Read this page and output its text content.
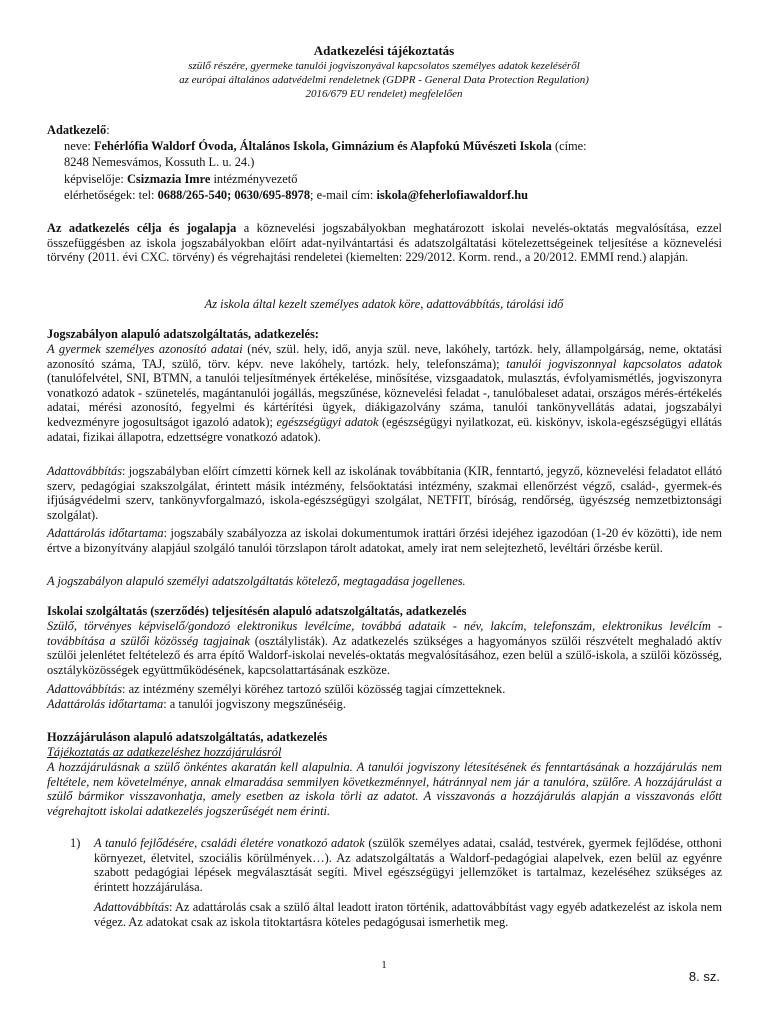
Adatkezelési tájékoztatás
szülő részére, gyermeke tanulói jogviszonyával kapcsolatos személyes adatok kezeléséről
az európai általános adatvédelmi rendeletnek (GDPR - General Data Protection Regulation)
2016/679 EU rendelet) megfelelően
Adatkezelő:
neve: Fehérlófia Waldorf Óvoda, Általános Iskola, Gimnázium és Alapfokú Művészeti Iskola (címe:
8248 Nemesvámos, Kossuth L. u. 24.)
képviselője: Csizmazia Imre intézményvezető
elérhetőségek: tel: 0688/265-540; 0630/695-8978; e-mail cím: iskola@feherlofiawaldorf.hu

Az adatkezelés célja és jogalapja a köznevelési jogszabályokban meghatározott iskolai nevelés-oktatás megvalósítása, ezzel összefüggésben az iskola jogszabályokban előírt adat-nyilvántartási és adatszolgáltatási kötelezettségeinek teljesítése a köznevelési törvény (2011. évi CXC. törvény) és végrehajtási rendeletei (kiemelten: 229/2012. Korm. rend., a 20/2012. EMMI rend.) alapján.

Az iskola által kezelt személyes adatok köre, adattovábbítás, tárolási idő
Jogszabályon alapuló adatszolgáltatás, adatkezelés:

A gyermek személyes azonosító adatai (név, szül. hely, idő, anyja szül. neve, lakóhely, tartózk. hely, állampolgárság, neme, oktatási azonosító száma, TAJ, szülő, törv. képv. neve lakóhely, tartózk. hely, telefonszáma); tanulói jogviszonnyal kapcsolatos adatok (tanulófelvétel, SNI, BTMN, a tanulói teljesítmények értékelése, minősítése, vizsgaadatok, mulasztás, évfolyamismétlés, jogviszonyra vonatkozó adatok - szünetelés, magántanulói jogállás, megszűnése, köznevelési feladat -, tanulóbaleset adatai, országos mérés-értékelés adatai, mérési azonosító, fegyelmi és kártérítési ügyek, diákigazolvány száma, tanulói tankönyvellátás adatai, jogszabályi kedvezményre jogosultságot igazoló adatok); egészségügyi adatok (egészségügyi nyilatkozat, eü. kiskönyv, iskola-egészségügyi ellátás adatai, fizikai állapotra, edzettségre vonatkozó adatok).

Adattovábbítás: jogszabályban előírt címzetti körnek kell az iskolának továbbítania (KIR, fenntartó, jegyző, köznevelési feladatot ellátó szerv, pedagógiai szakszolgálat, érintett másik intézmény, felsőoktatási intézmény, szakmai ellenőrzést végző, család-, gyermek-és ifjúságvédelmi szerv, tankönyvforgalmazó, iskola-egészségügyi szolgálat, NETFIT, bíróság, rendőrség, ügyészség nemzetbiztonsági szolgálat).

Adattárolás időtartama: jogszabály szabályozza az iskolai dokumentumok irattári őrzési idejéhez igazodóan (1-20 év közötti), ide nem értve a bizonyítvány alapjául szolgáló tanulói törzslapon tárolt adatokat, amely irat nem selejtezhető, levéltári őrzésbe kerül.

A jogszabályon alapuló személyi adatszolgáltatás kötelező, megtagadása jogellenes.
Iskolai szolgáltatás (szerződés) teljesítésén alapuló adatszolgáltatás, adatkezelés

Szülő, törvényes képviselő/gondozó elektronikus levélcíme, továbbá adataik - név, lakcím, telefonszám, elektronikus levélcím - továbbítása a szülői közösség tagjainak (osztálylisták). Az adatkezelés szükséges a hagyományos szülői részvételt meghaladó aktív szülői jelenlétet feltételező és arra építő Waldorf-iskolai nevelés-oktatás megvalósításához, ezen belül a szülő-iskola, a szülői közösség, osztályközösségek együttműködésének, kapcsolattartásának eszköze.

Adattovábbítás: az intézmény személyi köréhez tartozó szülői közösség tagjai címzetteknek.

Adattárolás időtartama: a tanulói jogviszony megszűnéséig.

Hozzájáruláson alapuló adatszolgáltatás, adatkezelés
Tájékoztatás az adatkezeléshez hozzájárulásról

A hozzájárulásnak a szülő önkéntes akaratán kell alapulnia. A tanulói jogviszony létesítésének és fenntartásának a hozzájárulás nem feltétele, nem követelménye, annak elmaradása semmilyen következménnyel, hátránnyal nem jár a tanulóra, szülőre. A hozzájárulást a szülő bármikor visszavonhatja, amely esetben az iskola törli az adatot. A visszavonás a hozzájárulás alapján a visszavonás előtt végrehajtott iskolai adatkezelés jogszerűségét nem érinti.

1) A tanuló fejlődésére, családi életére vonatkozó adatok (szülők személyes adatai, család, testvérek, gyermek fejlődése, otthoni környezet, életvitel, szociális körülmények…). Az adatszolgáltatás a Waldorf-pedagógiai alapelvek, ezen belül az egyénre szabott pedagógiai lépések megválasztását segíti. Mivel egészségügyi jellemzőket is tartalmaz, kezeléséhez szükséges az érintett hozzájárulása.

Adattovábbítás: Az adattárolás csak a szülő által leadott iraton történik, adattovábbítást vagy egyéb adatkezelést az iskola nem végez. Az adatokat csak az iskola titoktartásra köteles pedagógusai ismerhetik meg.

1
8. sz.
